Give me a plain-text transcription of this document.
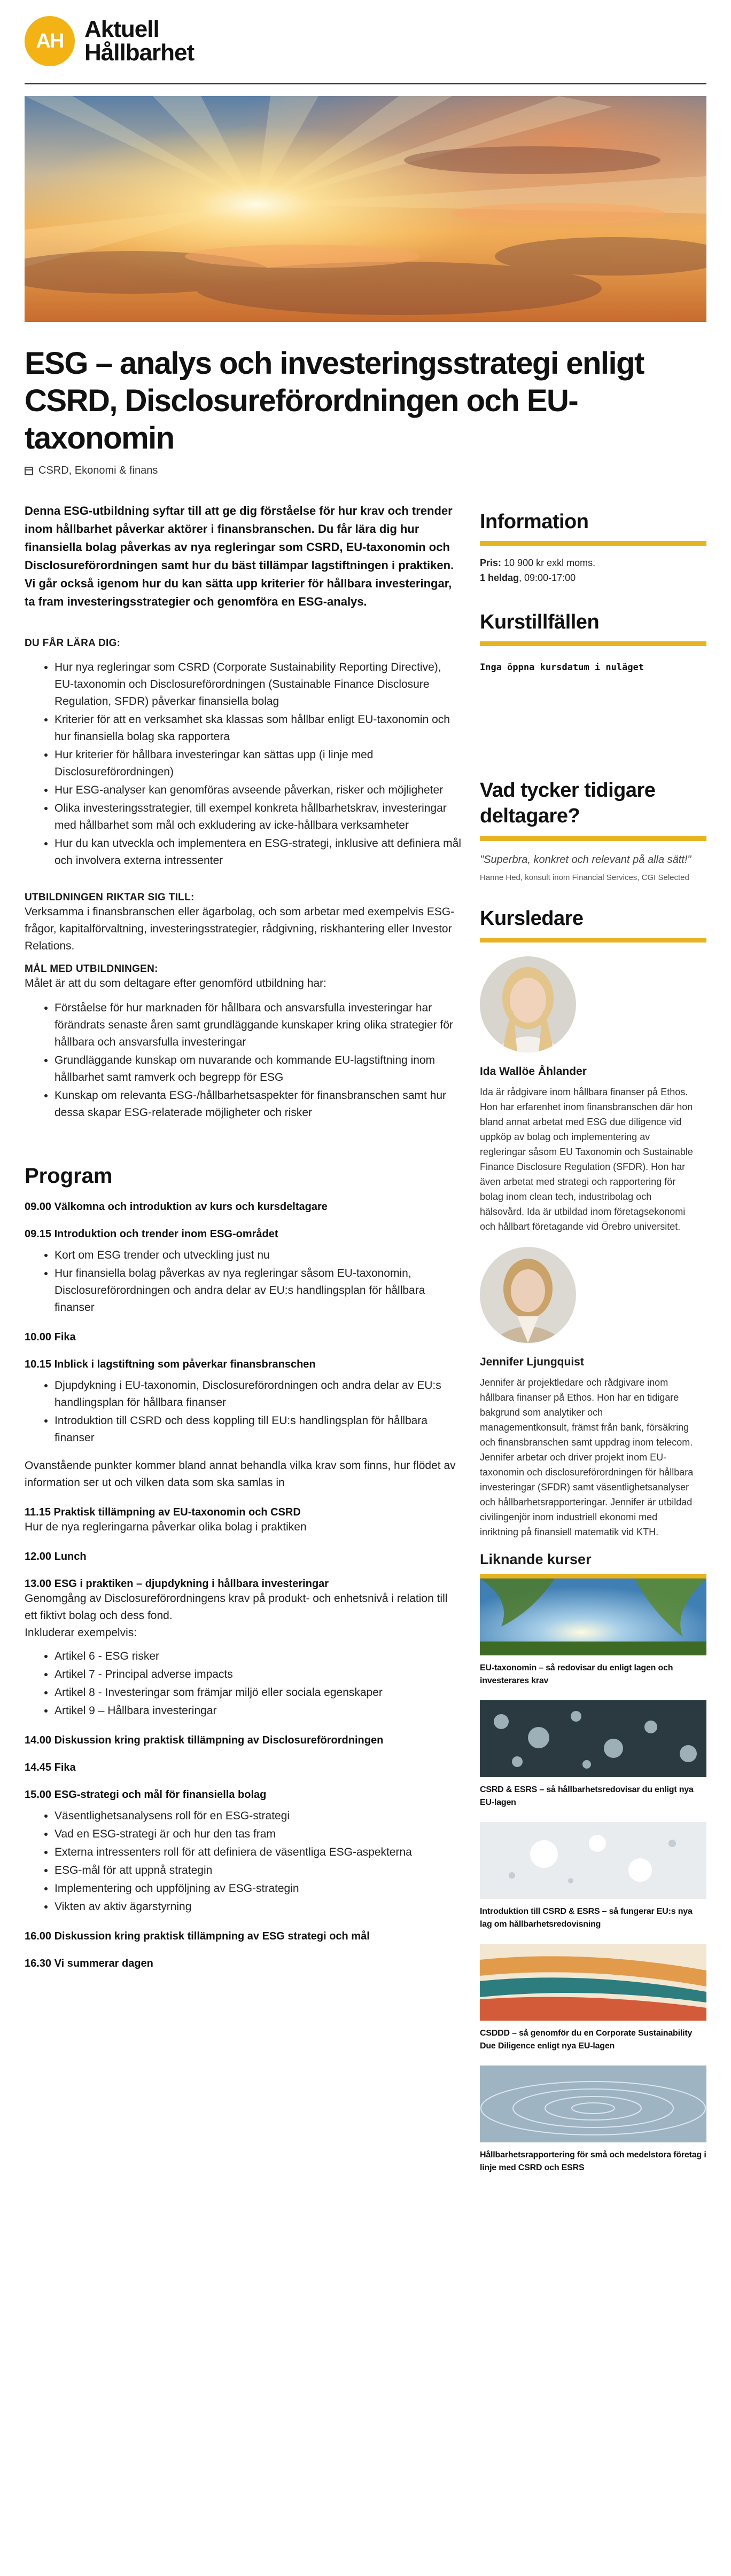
AH Aktuell
Hållbarhet
ESG – analys och investeringsstrategi enligt CSRD, Disclosureförordningen och EU-taxonomin
CSRD, Ekonomi & finans

Denna ESG-utbildning syftar till att ge dig förståelse för hur krav och trender inom hållbarhet påverkar aktörer i finansbranschen. Du får lära dig hur finansiella bolag påverkas av nya regleringar som CSRD, EU-taxonomin och Disclosureförordningen samt hur du bäst tillämpar lagstiftningen i praktiken. Vi går också igenom hur du kan sätta upp kriterier för hållbara investeringar, ta fram investeringsstrategier och genomföra en ESG-analys.

DU FÅR LÄRA DIG:
• Hur nya regleringar som CSRD (Corporate Sustainability Reporting Directive), EU-taxonomin och Disclosureförordningen (Sustainable Finance Disclosure Regulation, SFDR) påverkar finansiella bolag
• Kriterier för att en verksamhet ska klassas som hållbar enligt EU-taxonomin och hur finansiella bolag ska rapportera
• Hur kriterier för hållbara investeringar kan sättas upp (i linje med Disclosureförordningen)
• Hur ESG-analyser kan genomföras avseende påverkan, risker och möjligheter
• Olika investeringsstrategier, till exempel konkreta hållbarhetskrav, investeringar med hållbarhet som mål och exkludering av icke-hållbara verksamheter
• Hur du kan utveckla och implementera en ESG-strategi, inklusive att definiera mål och involvera externa intressenter
UTBILDNINGEN RIKTAR SIG TILL:

Verksamma i finansbranschen eller ägarbolag, och som arbetar med exempelvis ESG-frågor, kapitalförvaltning, investeringsstrategier, rådgivning, riskhantering eller Investor Relations.

MÅL MED UTBILDNINGEN:

Målet är att du som deltagare efter genomförd utbildning har:

• Förståelse för hur marknaden för hållbara och ansvarsfulla investeringar har förändrats senaste åren samt grundläggande kunskaper kring olika strategier för hållbara och ansvarsfulla investeringar
• Grundläggande kunskap om nuvarande och kommande EU-lagstiftning inom hållbarhet samt ramverk och begrepp för ESG
• Kunskap om relevanta ESG-/hållbarhetsaspekter för finansbranschen samt hur dessa skapar ESG-relaterade möjligheter och risker
Program
09.00 Välkomna och introduktion av kurs och kursdeltagare
09.15 Introduktion och trender inom ESG-området
• Kort om ESG trender och utveckling just nu
• Hur finansiella bolag påverkas av nya regleringar såsom EU-taxonomin, Disclosureförordningen och andra delar av EU:s handlingsplan för hållbara finanser
10.00 Fika
10.15 Inblick i lagstiftning som påverkar finansbranschen
• Djupdykning i EU-taxonomin, Disclosureförordningen och andra delar av EU:s handlingsplan för hållbara finanser
• Introduktion till CSRD och dess koppling till EU:s handlingsplan för hållbara finanser

Ovanstående punkter kommer bland annat behandla vilka krav som finns, hur flödet av information ser ut och vilken data som ska samlas in

11.15 Praktisk tillämpning av EU-taxonomin och CSRD

Hur de nya regleringarna påverkar olika bolag i praktiken

12.00 Lunch
13.00 ESG i praktiken – djupdykning i hållbara investeringar

Genomgång av Disclosureförordningens krav på produkt- och enhetsnivå i relation till ett fiktivt bolag och dess fond.

Inkluderar exempelvis:

• Artikel 6 - ESG risker
• Artikel 7 - Principal adverse impacts
• Artikel 8 - Investeringar som främjar miljö eller sociala egenskaper
• Artikel 9 – Hållbara investeringar
14.00 Diskussion kring praktisk tillämpning av Disclosureförordningen
14.45 Fika
15.00 ESG-strategi och mål för finansiella bolag
• Väsentlighetsanalysens roll för en ESG-strategi
• Vad en ESG-strategi är och hur den tas fram
• Externa intressenters roll för att definiera de väsentliga ESG-aspekterna
• ESG-mål för att uppnå strategin
• Implementering och uppföljning av ESG-strategin
• Vikten av aktiv ägarstyrning
16.00 Diskussion kring praktisk tillämpning av ESG strategi och mål
16.30 Vi summerar dagen
Information
Pris: 10 900 kr exkl moms.
1 heldag, 09:00-17:00
Kurstillfällen
Inga öppna kursdatum i nuläget
Vad tycker tidigare deltagare?

"Superbra, konkret och relevant på alla sätt!"

Hanne Hed, konsult inom Financial Services, CGI Selected

Kursledare
Ida Wallöe Åhlander

Ida är rådgivare inom hållbara finanser på Ethos. Hon har erfarenhet inom finansbranschen där hon bland annat arbetat med ESG due diligence vid uppköp av bolag och implementering av regleringar såsom EU Taxonomin och Sustainable Finance Disclosure Regulation (SFDR). Hon har även arbetat med strategi och rapportering för bolag inom clean tech, industribolag och hälsovård. Ida är utbildad inom företagsekonomi och hållbart företagande vid Örebro universitet.

Jennifer Ljungquist

Jennifer är projektledare och rådgivare inom hållbara finanser på Ethos. Hon har en tidigare bakgrund som analytiker och managementkonsult, främst från bank, försäkring och finansbranschen samt uppdrag inom telecom. Jennifer arbetar och driver projekt inom EU-taxonomin och disclosureförordningen för hållbara investeringar (SFDR) samt väsentlighetsanalyser och hållbarhetsrapporteringar. Jennifer är utbildad civilingenjör inom industriell ekonomi med inriktning på finansiell matematik vid KTH.

Liknande kurser
EU-taxonomin – så redovisar du enligt lagen och investerares krav
CSRD & ESRS – så hållbarhetsredovisar du enligt nya EU-lagen
Introduktion till CSRD & ESRS – så fungerar EU:s nya lag om hållbarhetsredovisning
CSDDD – så genomför du en Corporate Sustainability Due Diligence enligt nya EU-lagen
Hållbarhetsrapportering för små och medelstora företag i linje med CSRD och ESRS
